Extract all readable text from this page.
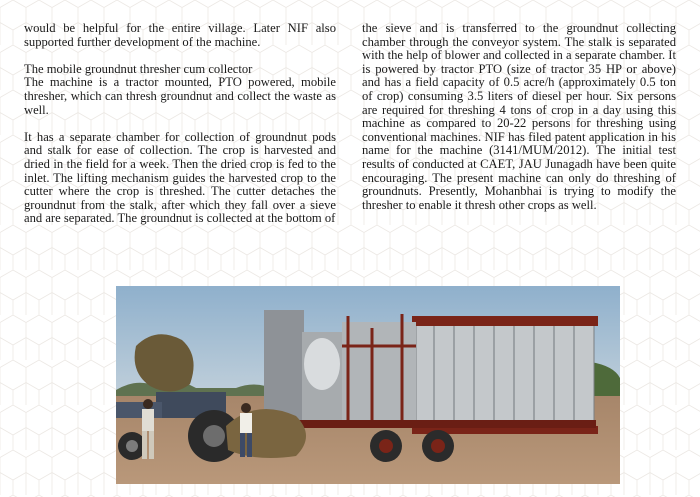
would be helpful for the entire village. Later NIF also supported further development of the machine.

The mobile groundnut thresher cum collector
The machine is a tractor mounted, PTO powered, mobile thresher, which can thresh groundnut and collect the waste as well.

It has a separate chamber for collection of groundnut pods and stalk for ease of collection. The crop is harvested and dried in the field for a week. Then the dried crop is fed to the inlet. The lifting mechanism guides the harvested crop to the cutter where the crop is threshed. The cutter detaches the groundnut from the stalk, after which they fall over a sieve and are separated. The groundnut is collected at the bottom of

the sieve and is transferred to the groundnut collecting chamber through the conveyor system. The stalk is separated with the help of blower and collected in a separate chamber. It is powered by tractor PTO (size of tractor 35 HP or above) and has a field capacity of 0.5 acre/h (approximately 0.5 ton of crop) consuming 3.5 liters of diesel per hour. Six persons are required for threshing 4 tons of crop in a day using this machine as compared to 20-22 persons for threshing using conventional machines. NIF has filed patent application in his name for the machine (3141/MUM/2012). The initial test results of conducted at CAET, JAU Junagadh have been quite encouraging. The present machine can only do threshing of groundnuts. Presently, Mohanbhai is trying to modify the thresher to enable it thresh other crops as well.
